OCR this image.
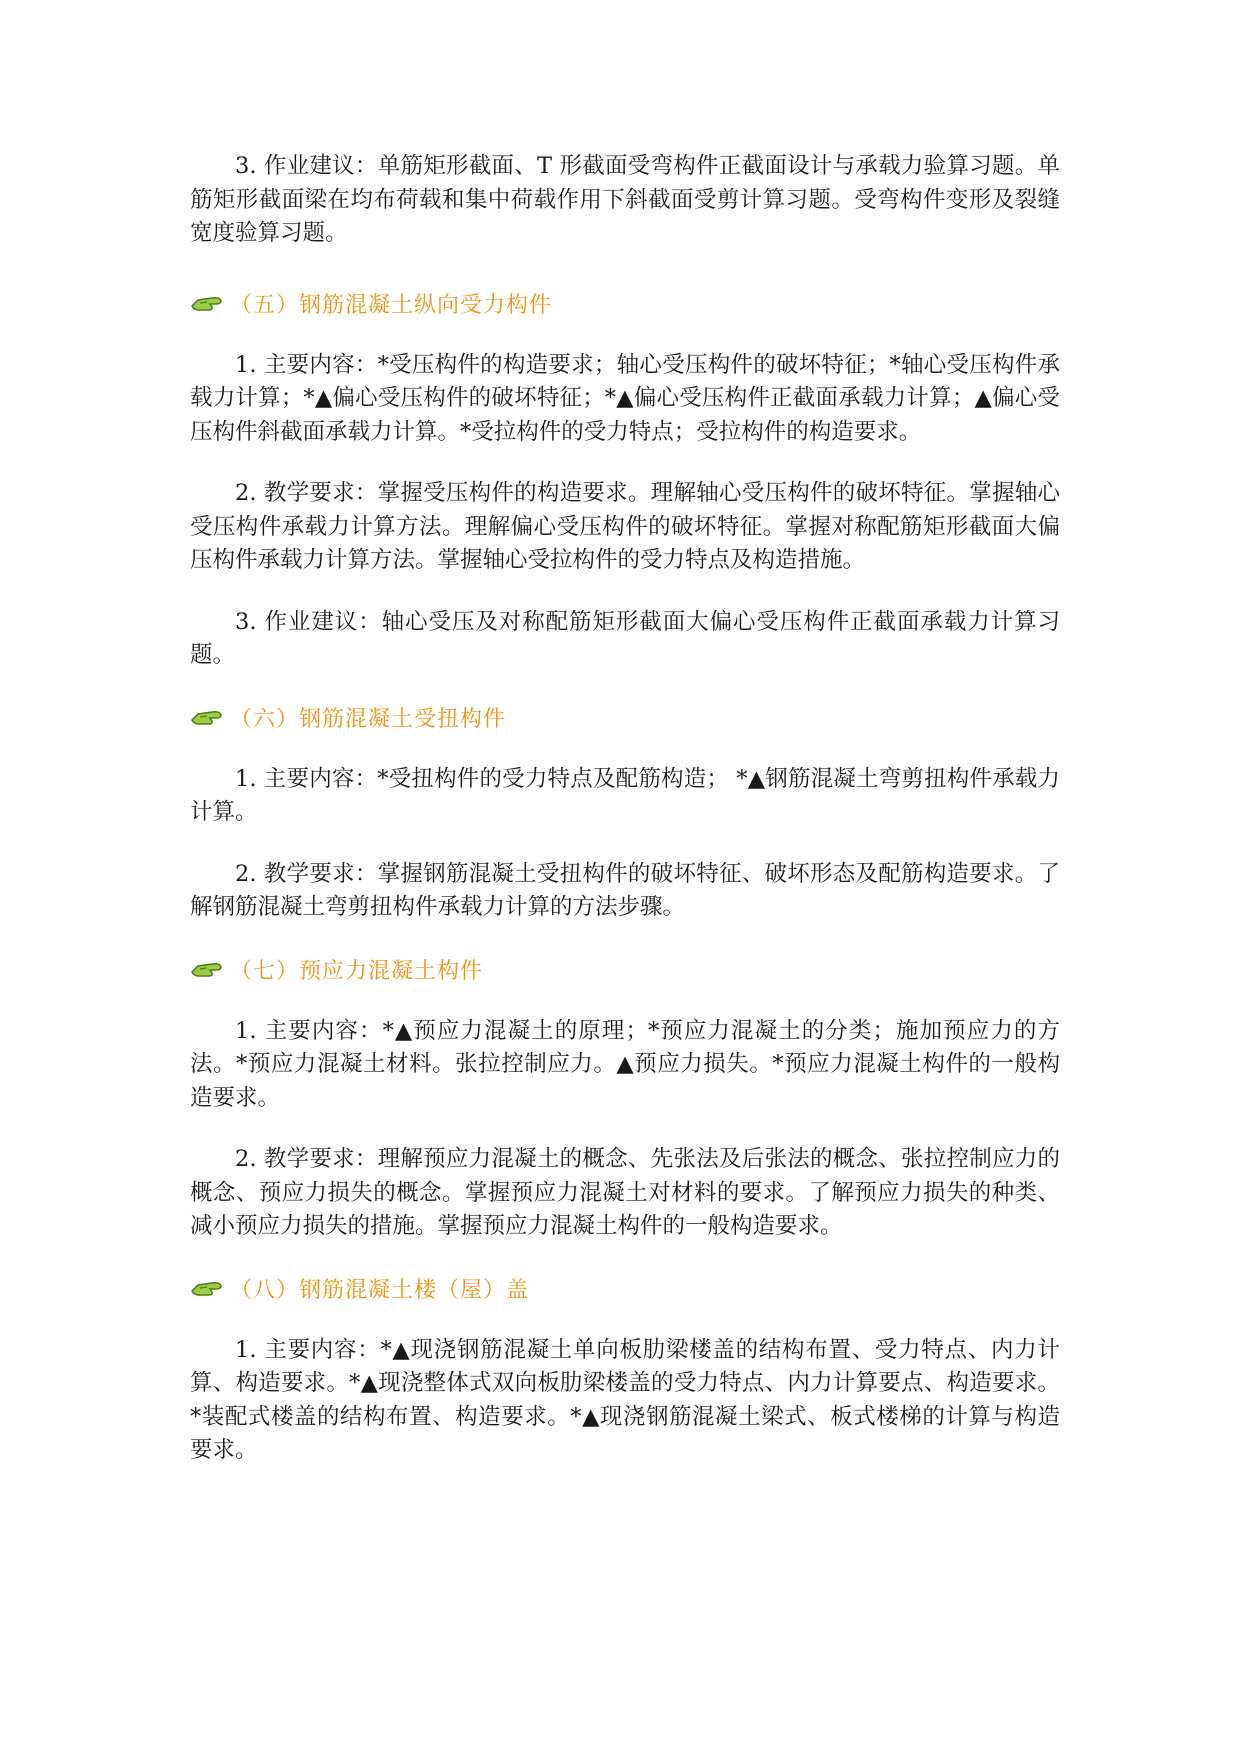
3. 作业建议：单筋矩形截面、T 形截面受弯构件正截面设计与承载力验算习题。单筋矩形截面梁在均布荷载和集中荷载作用下斜截面受剪计算习题。受弯构件变形及裂缝宽度验算习题。

（五）钢筋混凝土纵向受力构件

1. 主要内容：*受压构件的构造要求；轴心受压构件的破坏特征；*轴心受压构件承载力计算；*▲偏心受压构件的破坏特征；*▲偏心受压构件正截面承载力计算；▲偏心受压构件斜截面承载力计算。*受拉构件的受力特点；受拉构件的构造要求。

2. 教学要求：掌握受压构件的构造要求。理解轴心受压构件的破坏特征。掌握轴心受压构件承载力计算方法。理解偏心受压构件的破坏特征。掌握对称配筋矩形截面大偏压构件承载力计算方法。掌握轴心受拉构件的受力特点及构造措施。

3. 作业建议：轴心受压及对称配筋矩形截面大偏心受压构件正截面承载力计算习题。

（六）钢筋混凝土受扭构件

1. 主要内容：*受扭构件的受力特点及配筋构造； *▲钢筋混凝土弯剪扭构件承载力计算。

2. 教学要求：掌握钢筋混凝土受扭构件的破坏特征、破坏形态及配筋构造要求。了解钢筋混凝土弯剪扭构件承载力计算的方法步骤。

（七）预应力混凝土构件

1. 主要内容：*▲预应力混凝土的原理；*预应力混凝土的分类；施加预应力的方法。*预应力混凝土材料。张拉控制应力。▲预应力损失。*预应力混凝土构件的一般构造要求。

2. 教学要求：理解预应力混凝土的概念、先张法及后张法的概念、张拉控制应力的概念、预应力损失的概念。掌握预应力混凝土对材料的要求。了解预应力损失的种类、减小预应力损失的措施。掌握预应力混凝土构件的一般构造要求。

（八）钢筋混凝土楼（屋）盖

1. 主要内容：*▲现浇钢筋混凝土单向板肋梁楼盖的结构布置、受力特点、内力计算、构造要求。*▲现浇整体式双向板肋梁楼盖的受力特点、内力计算要点、构造要求。*装配式楼盖的结构布置、构造要求。*▲现浇钢筋混凝土梁式、板式楼梯的计算与构造要求。
